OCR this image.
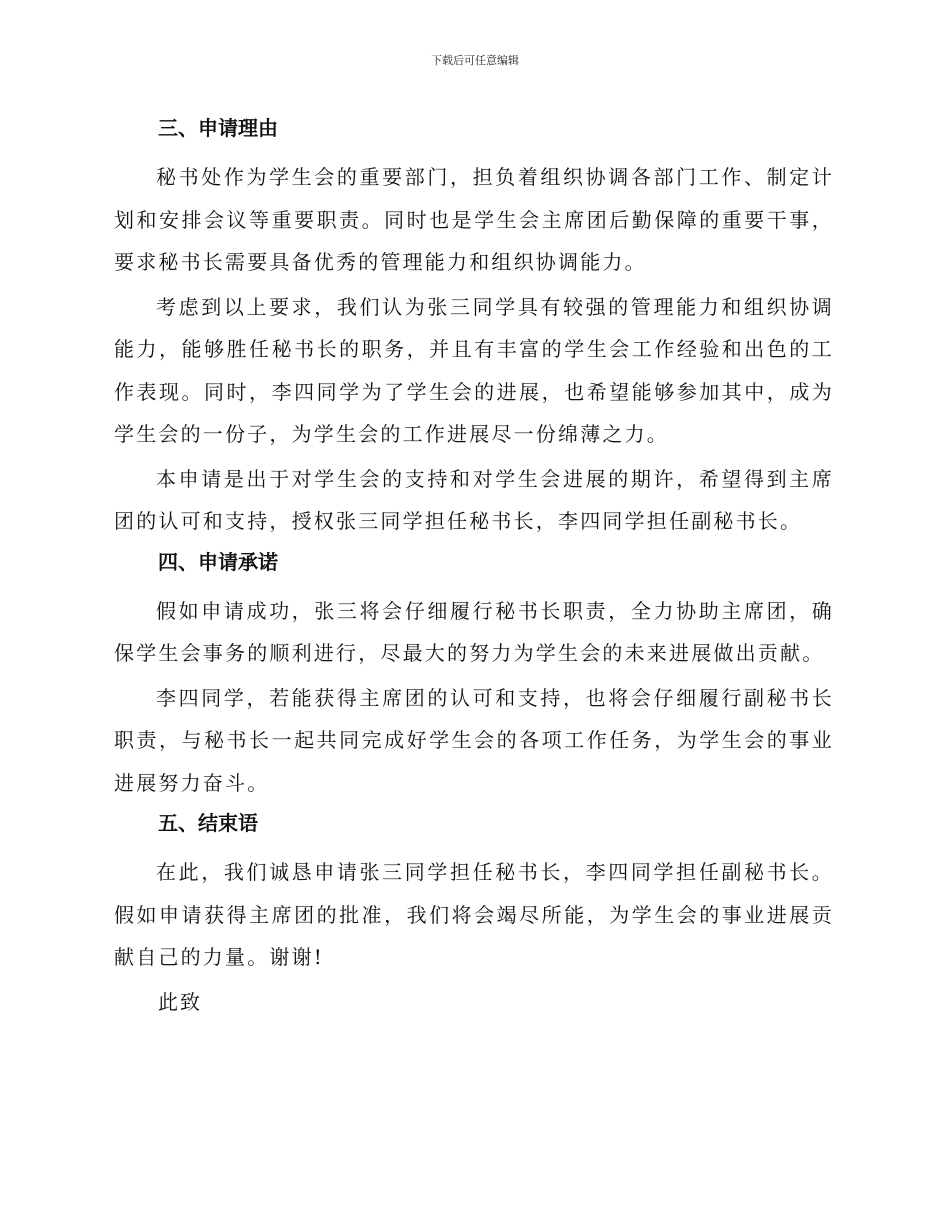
下载后可任意编辑
三、申请理由

秘书处作为学生会的重要部门，担负着组织协调各部门工作、制定计划和安排会议等重要职责。同时也是学生会主席团后勤保障的重要干事，要求秘书长需要具备优秀的管理能力和组织协调能力。

考虑到以上要求，我们认为张三同学具有较强的管理能力和组织协调能力，能够胜任秘书长的职务，并且有丰富的学生会工作经验和出色的工作表现。同时，李四同学为了学生会的进展，也希望能够参加其中，成为学生会的一份子，为学生会的工作进展尽一份绵薄之力。

本申请是出于对学生会的支持和对学生会进展的期许，希望得到主席团的认可和支持，授权张三同学担任秘书长，李四同学担任副秘书长。

四、申请承诺

假如申请成功，张三将会仔细履行秘书长职责，全力协助主席团，确保学生会事务的顺利进行，尽最大的努力为学生会的未来进展做出贡献。

李四同学，若能获得主席团的认可和支持，也将会仔细履行副秘书长职责，与秘书长一起共同完成好学生会的各项工作任务，为学生会的事业进展努力奋斗。

五、结束语

在此，我们诚恳申请张三同学担任秘书长，李四同学担任副秘书长。假如申请获得主席团的批准，我们将会竭尽所能，为学生会的事业进展贡献自己的力量。谢谢!

此致
